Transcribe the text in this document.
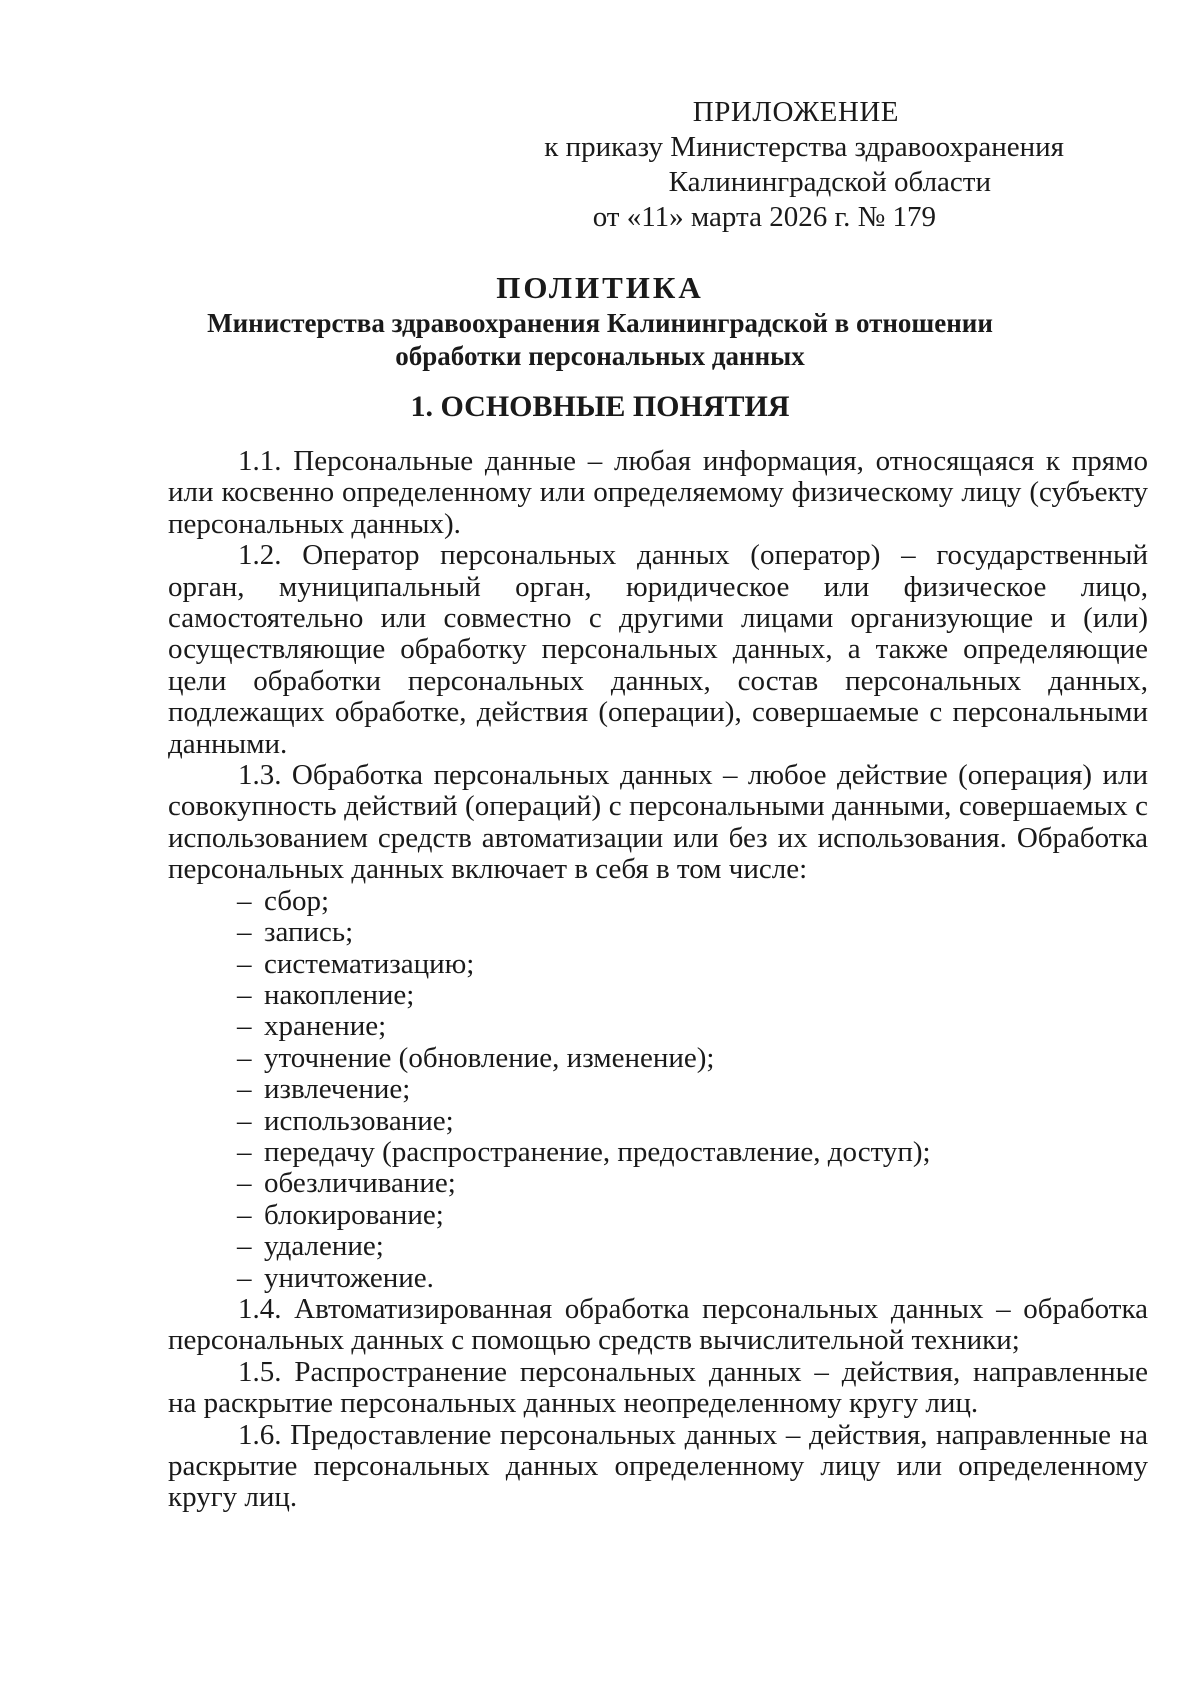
ПРИЛОЖЕНИЕ
к приказу Министерства здравоохранения
Калининградской области
от «11» марта 2026 г. № 179
ПОЛИТИКА
Министерства здравоохранения Калининградской в отношении обработки персональных данных
1. ОСНОВНЫЕ ПОНЯТИЯ

1.1. Персональные данные – любая информация, относящаяся к прямо или косвенно определенному или определяемому физическому лицу (субъекту персональных данных).

1.2. Оператор персональных данных (оператор) – государственный орган, муниципальный орган, юридическое или физическое лицо, самостоятельно или совместно с другими лицами организующие и (или) осуществляющие обработку персональных данных, а также определяющие цели обработки персональных данных, состав персональных данных, подлежащих обработке, действия (операции), совершаемые с персональными данными.

1.3. Обработка персональных данных – любое действие (операция) или совокупность действий (операций) с персональными данными, совершаемых с использованием средств автоматизации или без их использования. Обработка персональных данных включает в себя в том числе:

– сбор;
– запись;
– систематизацию;
– накопление;
– хранение;
– уточнение (обновление, изменение);
– извлечение;
– использование;
– передачу (распространение, предоставление, доступ);
– обезличивание;
– блокирование;
– удаление;
– уничтожение.

1.4. Автоматизированная обработка персональных данных – обработка персональных данных с помощью средств вычислительной техники;

1.5. Распространение персональных данных – действия, направленные на раскрытие персональных данных неопределенному кругу лиц.

1.6. Предоставление персональных данных – действия, направленные на раскрытие персональных данных определенному лицу или определенному кругу лиц.
